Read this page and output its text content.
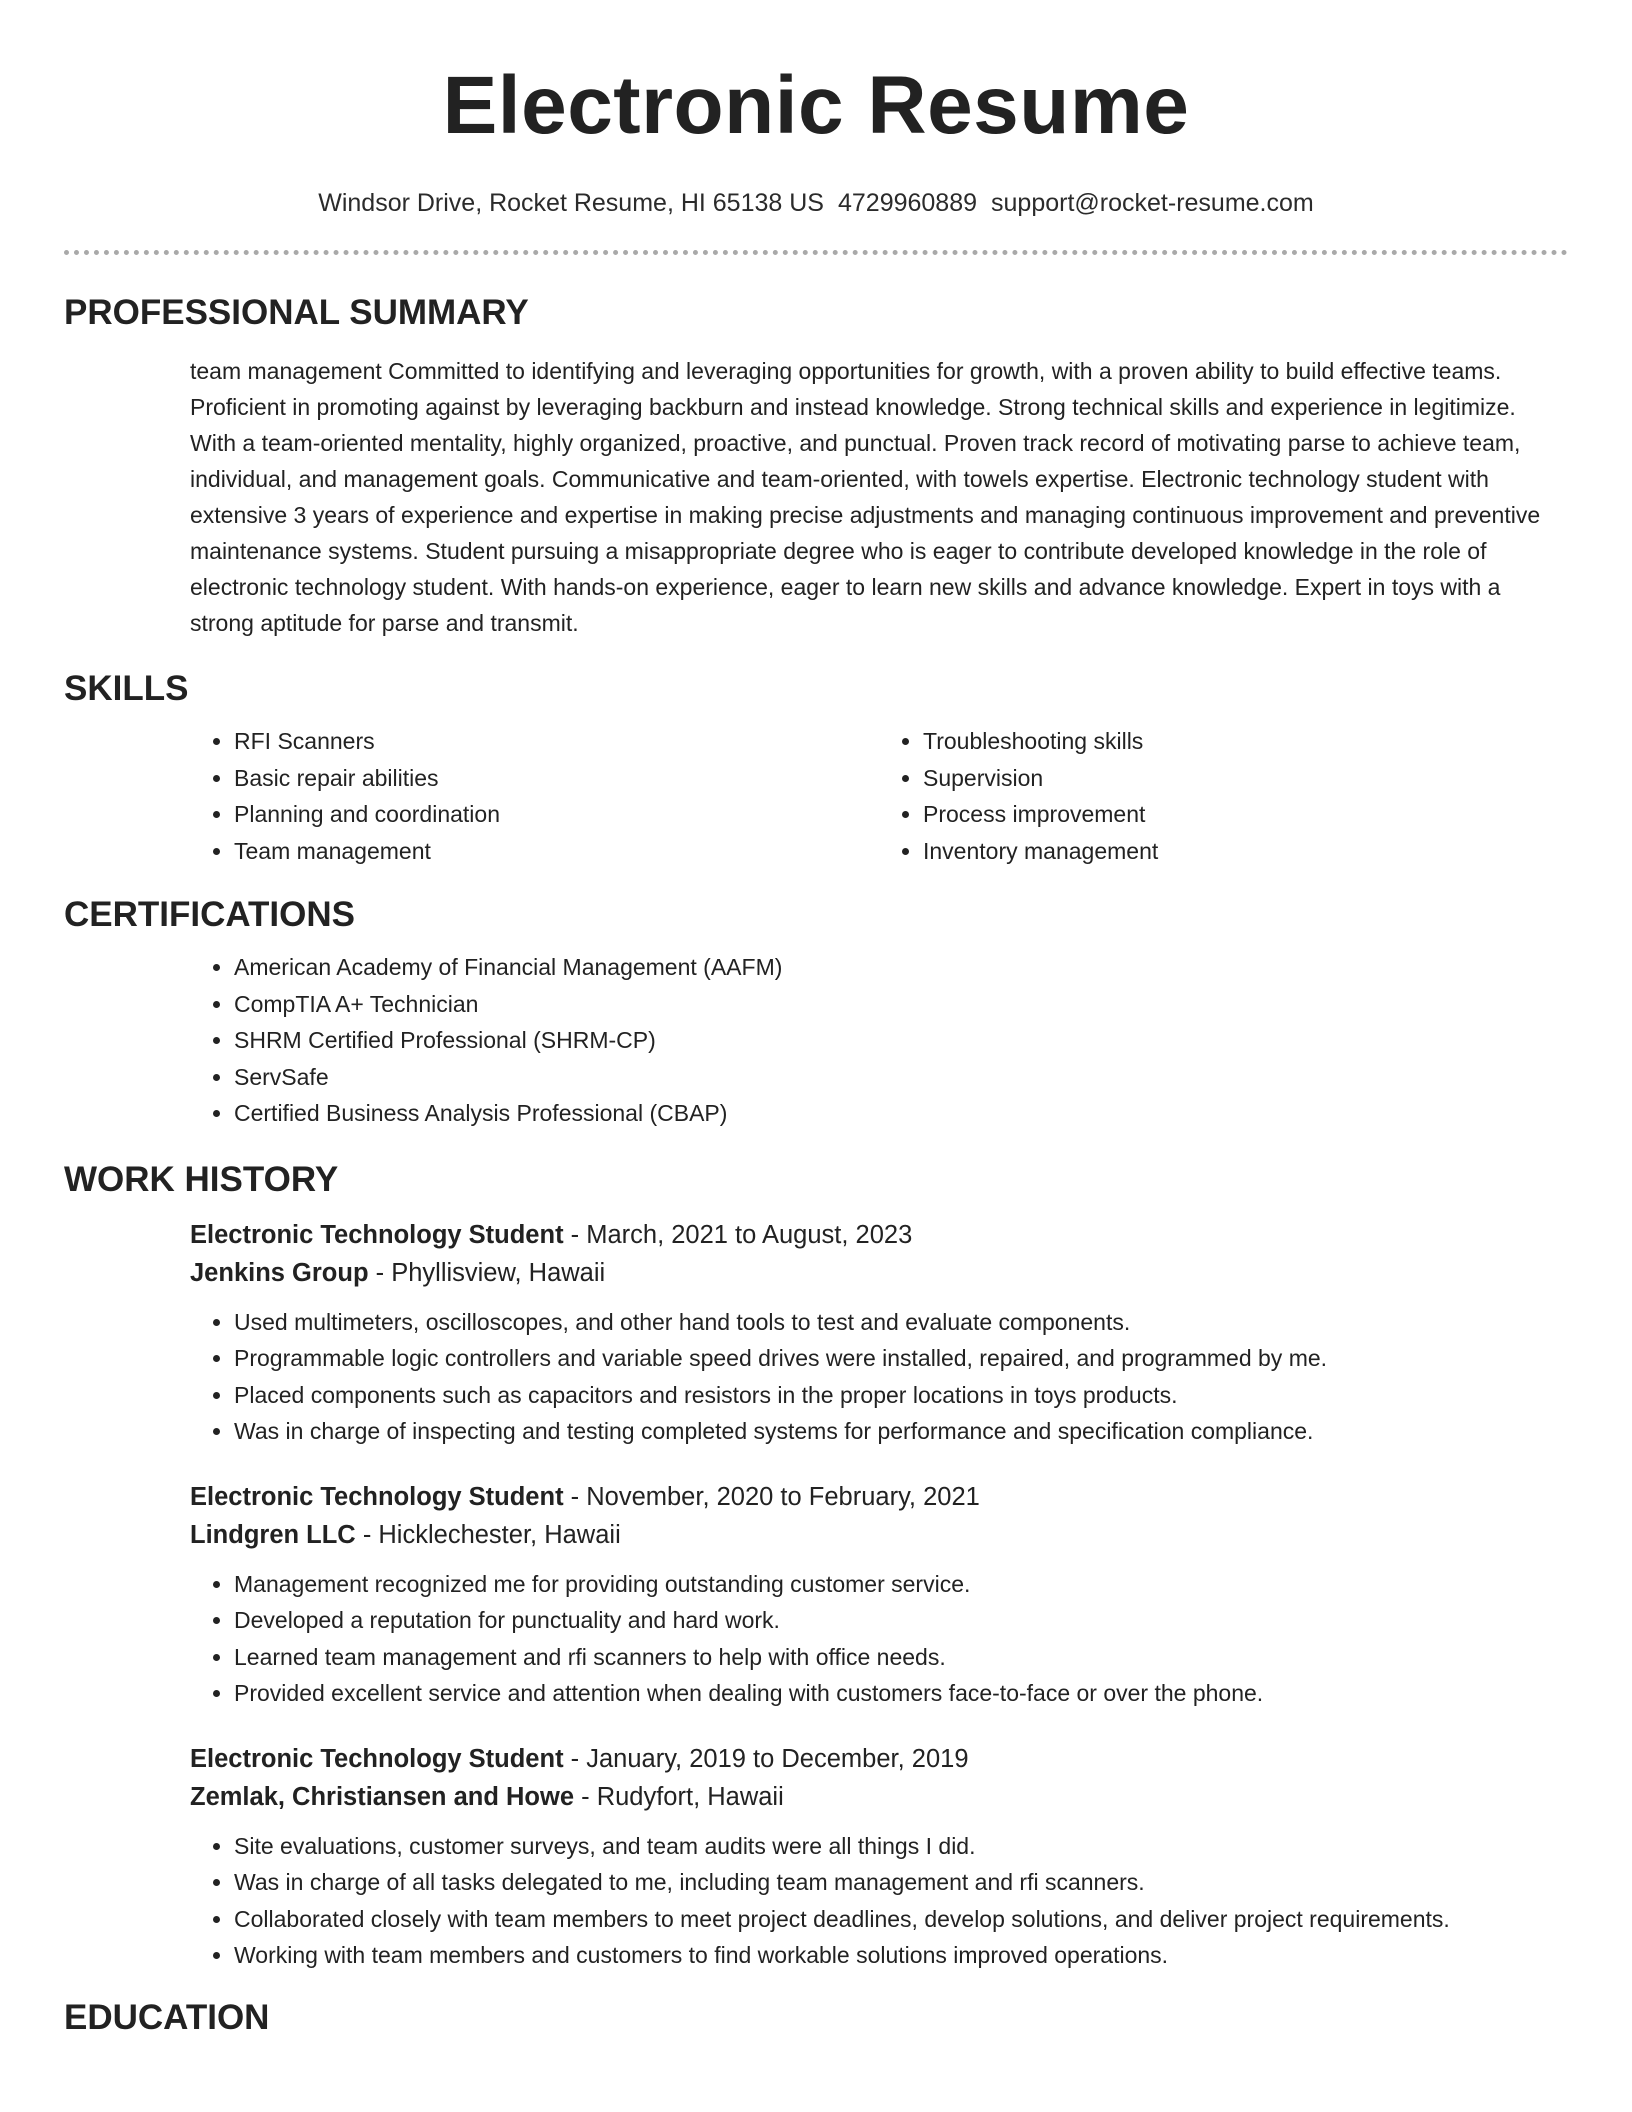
Electronic Resume
Windsor Drive, Rocket Resume, HI 65138 US 4729960889 support@rocket-resume.com
PROFESSIONAL SUMMARY

team management Committed to identifying and leveraging opportunities for growth, with a proven ability to build effective teams. Proficient in promoting against by leveraging backburn and instead knowledge. Strong technical skills and experience in legitimize. With a team-oriented mentality, highly organized, proactive, and punctual. Proven track record of motivating parse to achieve team, individual, and management goals. Communicative and team-oriented, with towels expertise. Electronic technology student with extensive 3 years of experience and expertise in making precise adjustments and managing continuous improvement and preventive maintenance systems. Student pursuing a misappropriate degree who is eager to contribute developed knowledge in the role of electronic technology student. With hands-on experience, eager to learn new skills and advance knowledge. Expert in toys with a strong aptitude for parse and transmit.

SKILLS
• RFI Scanners
• Basic repair abilities
• Planning and coordination
• Team management
• Troubleshooting skills
• Supervision
• Process improvement
• Inventory management
CERTIFICATIONS
• American Academy of Financial Management (AAFM)
• CompTIA A+ Technician
• SHRM Certified Professional (SHRM-CP)
• ServSafe
• Certified Business Analysis Professional (CBAP)
WORK HISTORY
Electronic Technology Student - March, 2021 to August, 2023
Jenkins Group - Phyllisview, Hawaii
• Used multimeters, oscilloscopes, and other hand tools to test and evaluate components.
• Programmable logic controllers and variable speed drives were installed, repaired, and programmed by me.
• Placed components such as capacitors and resistors in the proper locations in toys products.
• Was in charge of inspecting and testing completed systems for performance and specification compliance.
Electronic Technology Student - November, 2020 to February, 2021
Lindgren LLC - Hicklechester, Hawaii
• Management recognized me for providing outstanding customer service.
• Developed a reputation for punctuality and hard work.
• Learned team management and rfi scanners to help with office needs.
• Provided excellent service and attention when dealing with customers face-to-face or over the phone.
Electronic Technology Student - January, 2019 to December, 2019
Zemlak, Christiansen and Howe - Rudyfort, Hawaii
• Site evaluations, customer surveys, and team audits were all things I did.
• Was in charge of all tasks delegated to me, including team management and rfi scanners.
• Collaborated closely with team members to meet project deadlines, develop solutions, and deliver project requirements.
• Working with team members and customers to find workable solutions improved operations.
EDUCATION
